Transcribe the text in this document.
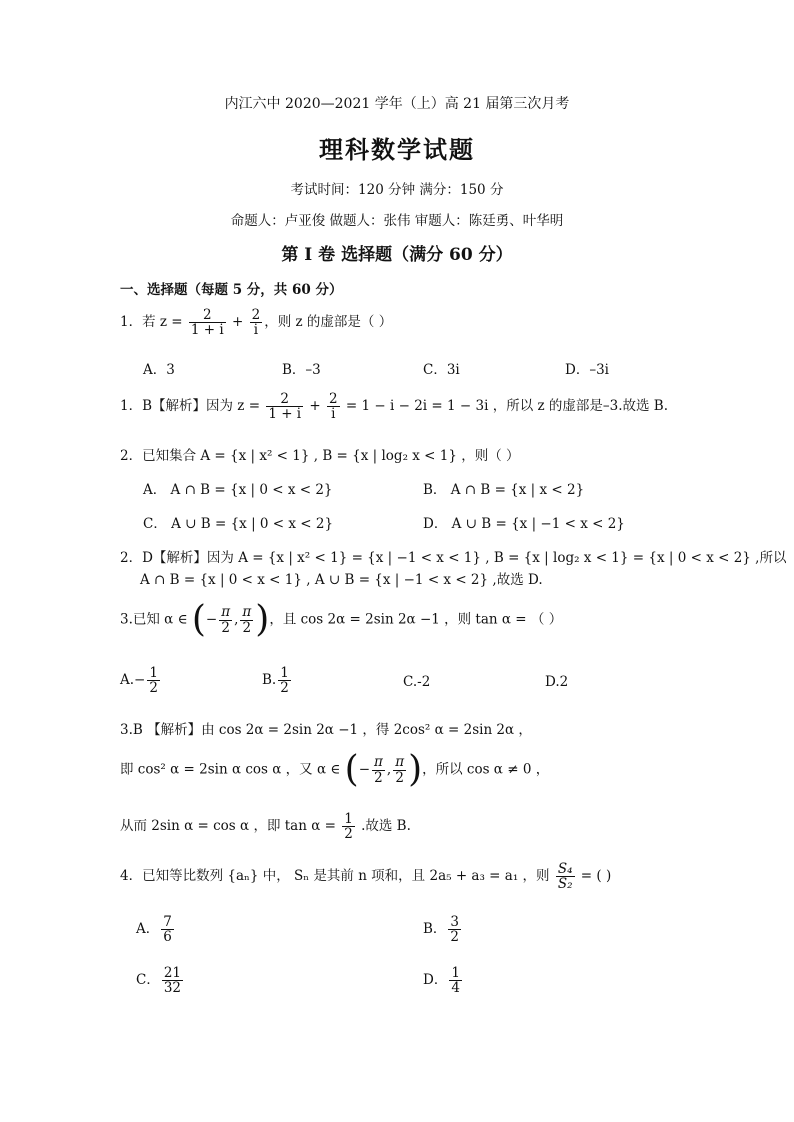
内江六中 2020—2021 学年（上）高 21 届第三次月考
理科数学试题
考试时间：120 分钟 满分：150 分
命题人：卢亚俊 做题人：张伟 审题人：陈廷勇、叶华明
第 I 卷 选择题（满分 60 分）
一、选择题（每题 5 分，共 60 分）
1．若 $z = \frac{2}{1 + i} + \frac{2}{i}$ ，则 z 的虚部是（ ）
A．3	B．–3	C．3i	D．–3i
1．B【解析】因为 $z = \frac{2}{1 + i} + \frac{2}{i} = 1 - i - 2i = 1 - 3i$ ，所以 z 的虚部是–3.故选 B.
2．已知集合 A = {x | x² < 1} , B = {x | log₂ x < 1} ，则（ ）
A． A ∩ B = {x | 0 < x < 2}	B． A ∩ B = {x | x < 2}
C． A ∪ B = {x | 0 < x < 2}	D． A ∪ B = {x | −1 < x < 2}
2．D【解析】因为 A = {x | x² < 1} = {x | −1 < x < 1} , B = {x | log₂ x < 1} = {x | 0 < x < 2} ,所以
A ∩ B = {x | 0 < x < 1} , A ∪ B = {x | −1 < x < 2} ,故选 D.
3.已知 α ∈ (− $\frac{\pi}{2}$ , $\frac{\pi}{2}$ )，且 cos 2α = 2sin 2α −1 ，则 tan α = （ ）
$A.- \frac{1}{2}$	B. $\frac{1}{2}$	C.-2	D.2
3.B 【解析】由 cos 2α = 2sin 2α −1 ，得 2cos² α = 2sin 2α ，
即 cos² α = 2sin α cos α ，又 α ∈ (− $\frac{\pi}{2}$ , $\frac{\pi}{2}$ )，所以 cos α ≠ 0 ，
从而 2sin α = cos α ，即 $\tan \alpha = \frac{1}{2}$ .故选 B.
4．已知等比数列 {aₙ} 中， Sₙ 是其前 n 项和，且 2a₅ + a₃ = a₁ ，则 $\frac{\text{S₄}}{\text{S₂}}$ = ( )
A． $\frac{7}{6}$	B． $\frac{3}{2}$
C． $\frac{21}{32}$	D． $\frac{1}{4}$
